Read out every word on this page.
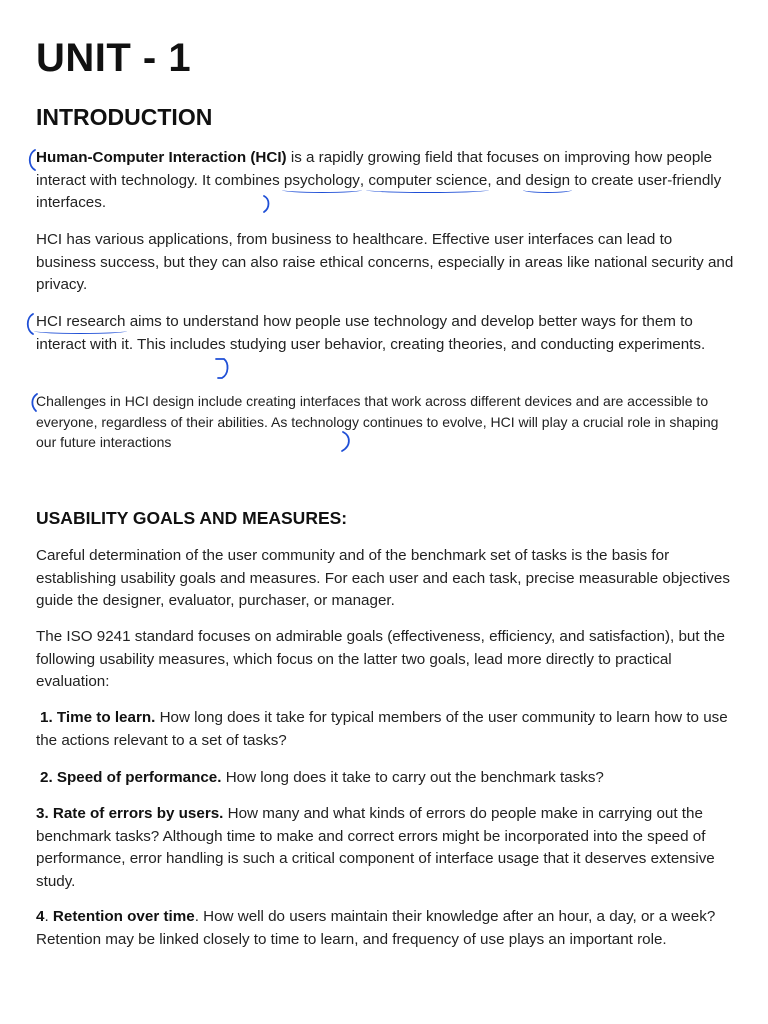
UNIT - 1
INTRODUCTION

Human-Computer Interaction (HCI) is a rapidly growing field that focuses on improving how people interact with technology. It combines psychology, computer science, and design to create user-friendly interfaces.

HCI has various applications, from business to healthcare. Effective user interfaces can lead to business success, but they can also raise ethical concerns, especially in areas like national security and privacy.

HCI research aims to understand how people use technology and develop better ways for them to interact with it. This includes studying user behavior, creating theories, and conducting experiments.

Challenges in HCI design include creating interfaces that work across different devices and are accessible to everyone, regardless of their abilities. As technology continues to evolve, HCI will play a crucial role in shaping our future interactions

USABILITY GOALS AND MEASURES:

Careful determination of the user community and of the benchmark set of tasks is the basis for establishing usability goals and measures. For each user and each task, precise measurable objectives guide the designer, evaluator, purchaser, or manager.

The ISO 9241 standard focuses on admirable goals (effectiveness, efficiency, and satisfaction), but the following usability measures, which focus on the latter two goals, lead more directly to practical evaluation:

1. Time to learn. How long does it take for typical members of the user community to learn how to use the actions relevant to a set of tasks?

2. Speed of performance. How long does it take to carry out the benchmark tasks?

3. Rate of errors by users. How many and what kinds of errors do people make in carrying out the benchmark tasks? Although time to make and correct errors might be incorporated into the speed of performance, error handling is such a critical component of interface usage that it deserves extensive study.

4. Retention over time. How well do users maintain their knowledge after an hour, a day, or a week? Retention may be linked closely to time to learn, and frequency of use plays an important role.
